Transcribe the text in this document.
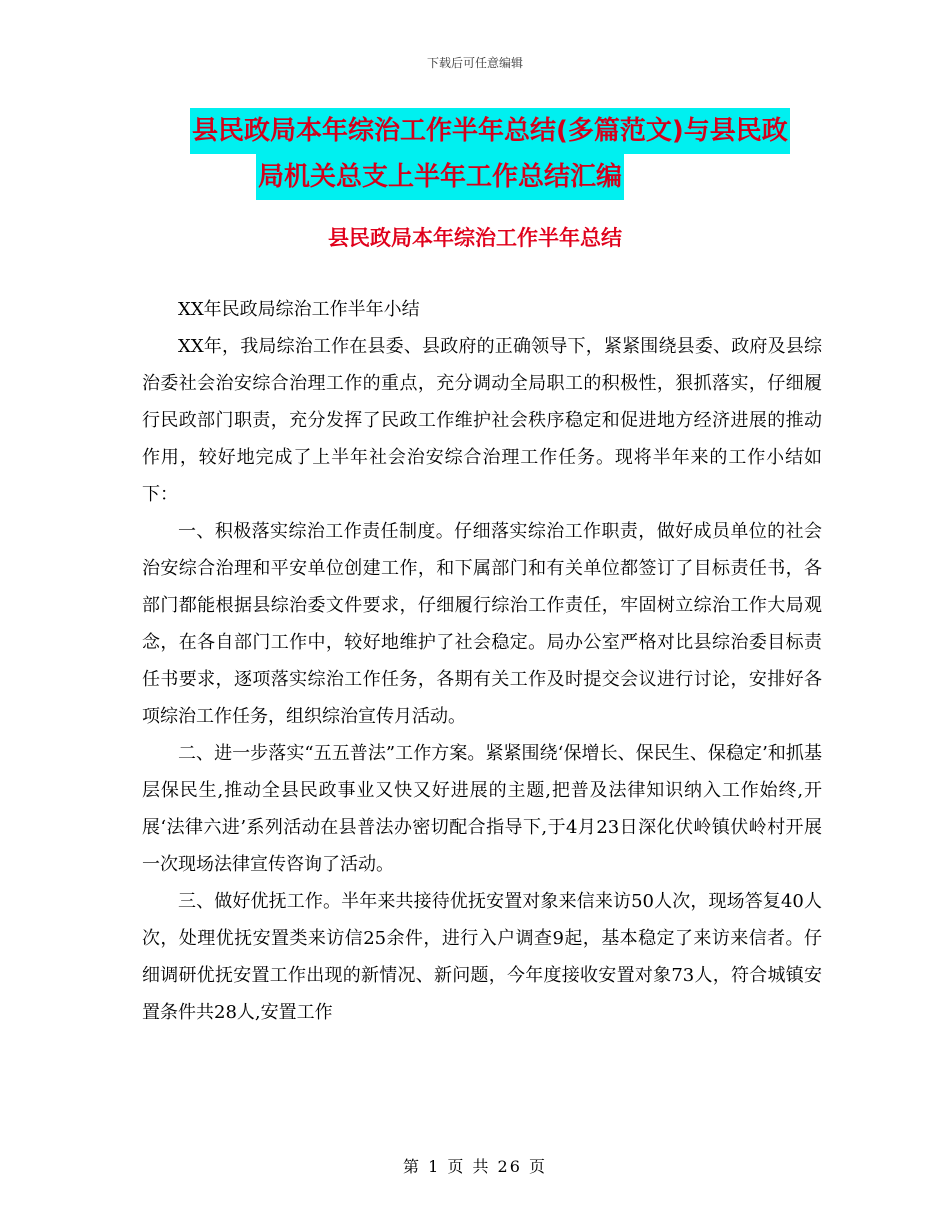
下载后可任意编辑
县民政局本年综治工作半年总结(多篇范文)与县民政
局机关总支上半年工作总结汇编
县民政局本年综治工作半年总结

XX年民政局综治工作半年小结

XX年，我局综治工作在县委、县政府的正确领导下，紧紧围绕县委、政府及县综治委社会治安综合治理工作的重点，充分调动全局职工的积极性，狠抓落实，仔细履行民政部门职责，充分发挥了民政工作维护社会秩序稳定和促进地方经济进展的推动作用，较好地完成了上半年社会治安综合治理工作任务。现将半年来的工作小结如下：

一、积极落实综治工作责任制度。仔细落实综治工作职责，做好成员单位的社会治安综合治理和平安单位创建工作，和下属部门和有关单位都签订了目标责任书，各部门都能根据县综治委文件要求，仔细履行综治工作责任，牢固树立综治工作大局观念，在各自部门工作中，较好地维护了社会稳定。局办公室严格对比县综治委目标责任书要求，逐项落实综治工作任务，各期有关工作及时提交会议进行讨论，安排好各项综治工作任务，组织综治宣传月活动。

二、进一步落实“五五普法”工作方案。紧紧围绕‘保增长、保民生、保稳定’和抓基层保民生,推动全县民政事业又快又好进展的主题,把普及法律知识纳入工作始终,开展‘法律六进’系列活动在县普法办密切配合指导下,于4月23日深化伏岭镇伏岭村开展一次现场法律宣传咨询了活动。

三、做好优抚工作。半年来共接待优抚安置对象来信来访50人次，现场答复40人次，处理优抚安置类来访信25余件，进行入户调查9起，基本稳定了来访来信者。仔细调研优抚安置工作出现的新情况、新问题，今年度接收安置对象73人，符合城镇安置条件共28人,安置工作

第 1 页 共 26 页
